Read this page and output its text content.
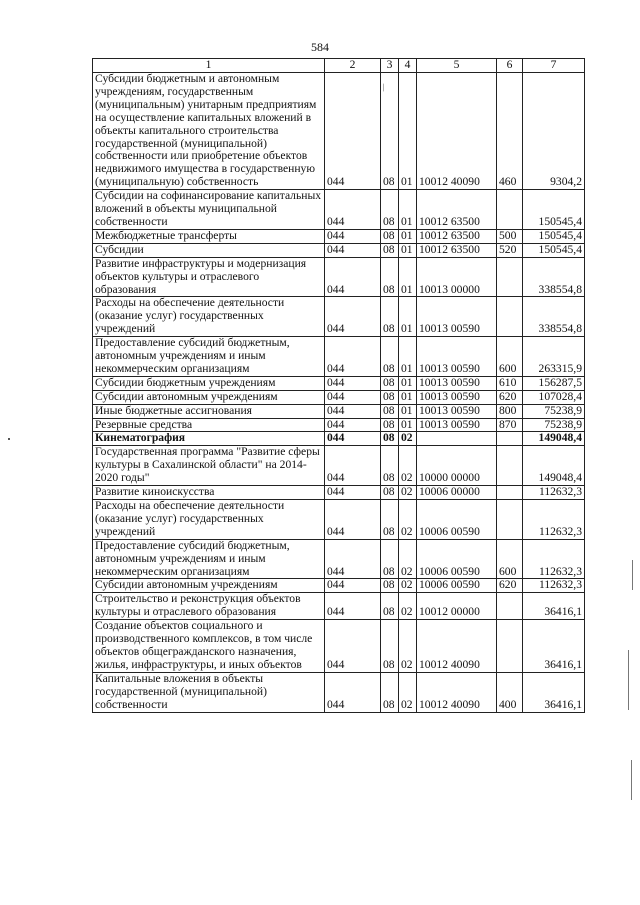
584
1	2	3	4	5	6	7
Субсидии бюджетным и автономным учреждениям, государственным (муниципальным) унитарным предприятиям на осуществление капитальных вложений в объекты капитального строительства государственной (муниципальной) собственности или приобретение объектов недвижимого имущества в государственную (муниципальную) собственность	044	08	01	10012 40090	460	9304,2
Субсидии на софинансирование капитальных вложений в объекты муниципальной собственности	044	08	01	10012 63500		150545,4
Межбюджетные трансферты	044	08	01	10012 63500	500	150545,4
Субсидии	044	08	01	10012 63500	520	150545,4
Развитие инфраструктуры и модернизация объектов культуры и отраслевого образования	044	08	01	10013 00000		338554,8
Расходы на обеспечение деятельности (оказание услуг) государственных учреждений	044	08	01	10013 00590		338554,8
Предоставление субсидий бюджетным, автономным учреждениям и иным некоммерческим организациям	044	08	01	10013 00590	600	263315,9
Субсидии бюджетным учреждениям	044	08	01	10013 00590	610	156287,5
Субсидии автономным учреждениям	044	08	01	10013 00590	620	107028,4
Иные бюджетные ассигнования	044	08	01	10013 00590	800	75238,9
Резервные средства	044	08	01	10013 00590	870	75238,9
Кинематография	044	08	02			149048,4
Государственная программа "Развитие сферы культуры в Сахалинской области" на 2014-2020 годы"	044	08	02	10000 00000		149048,4
Развитие киноискусства	044	08	02	10006 00000		112632,3
Расходы на обеспечение деятельности (оказание услуг) государственных учреждений	044	08	02	10006 00590		112632,3
Предоставление субсидий бюджетным, автономным учреждениям и иным некоммерческим организациям	044	08	02	10006 00590	600	112632,3
Субсидии автономным учреждениям	044	08	02	10006 00590	620	112632,3
Строительство и реконструкция объектов культуры и отраслевого образования	044	08	02	10012 00000		36416,1
Создание объектов социального и производственного комплексов, в том числе объектов общегражданского назначения, жилья, инфраструктуры, и иных объектов	044	08	02	10012 40090		36416,1
Капитальные вложения в объекты государственной (муниципальной) собственности	044	08	02	10012 40090	400	36416,1
/
